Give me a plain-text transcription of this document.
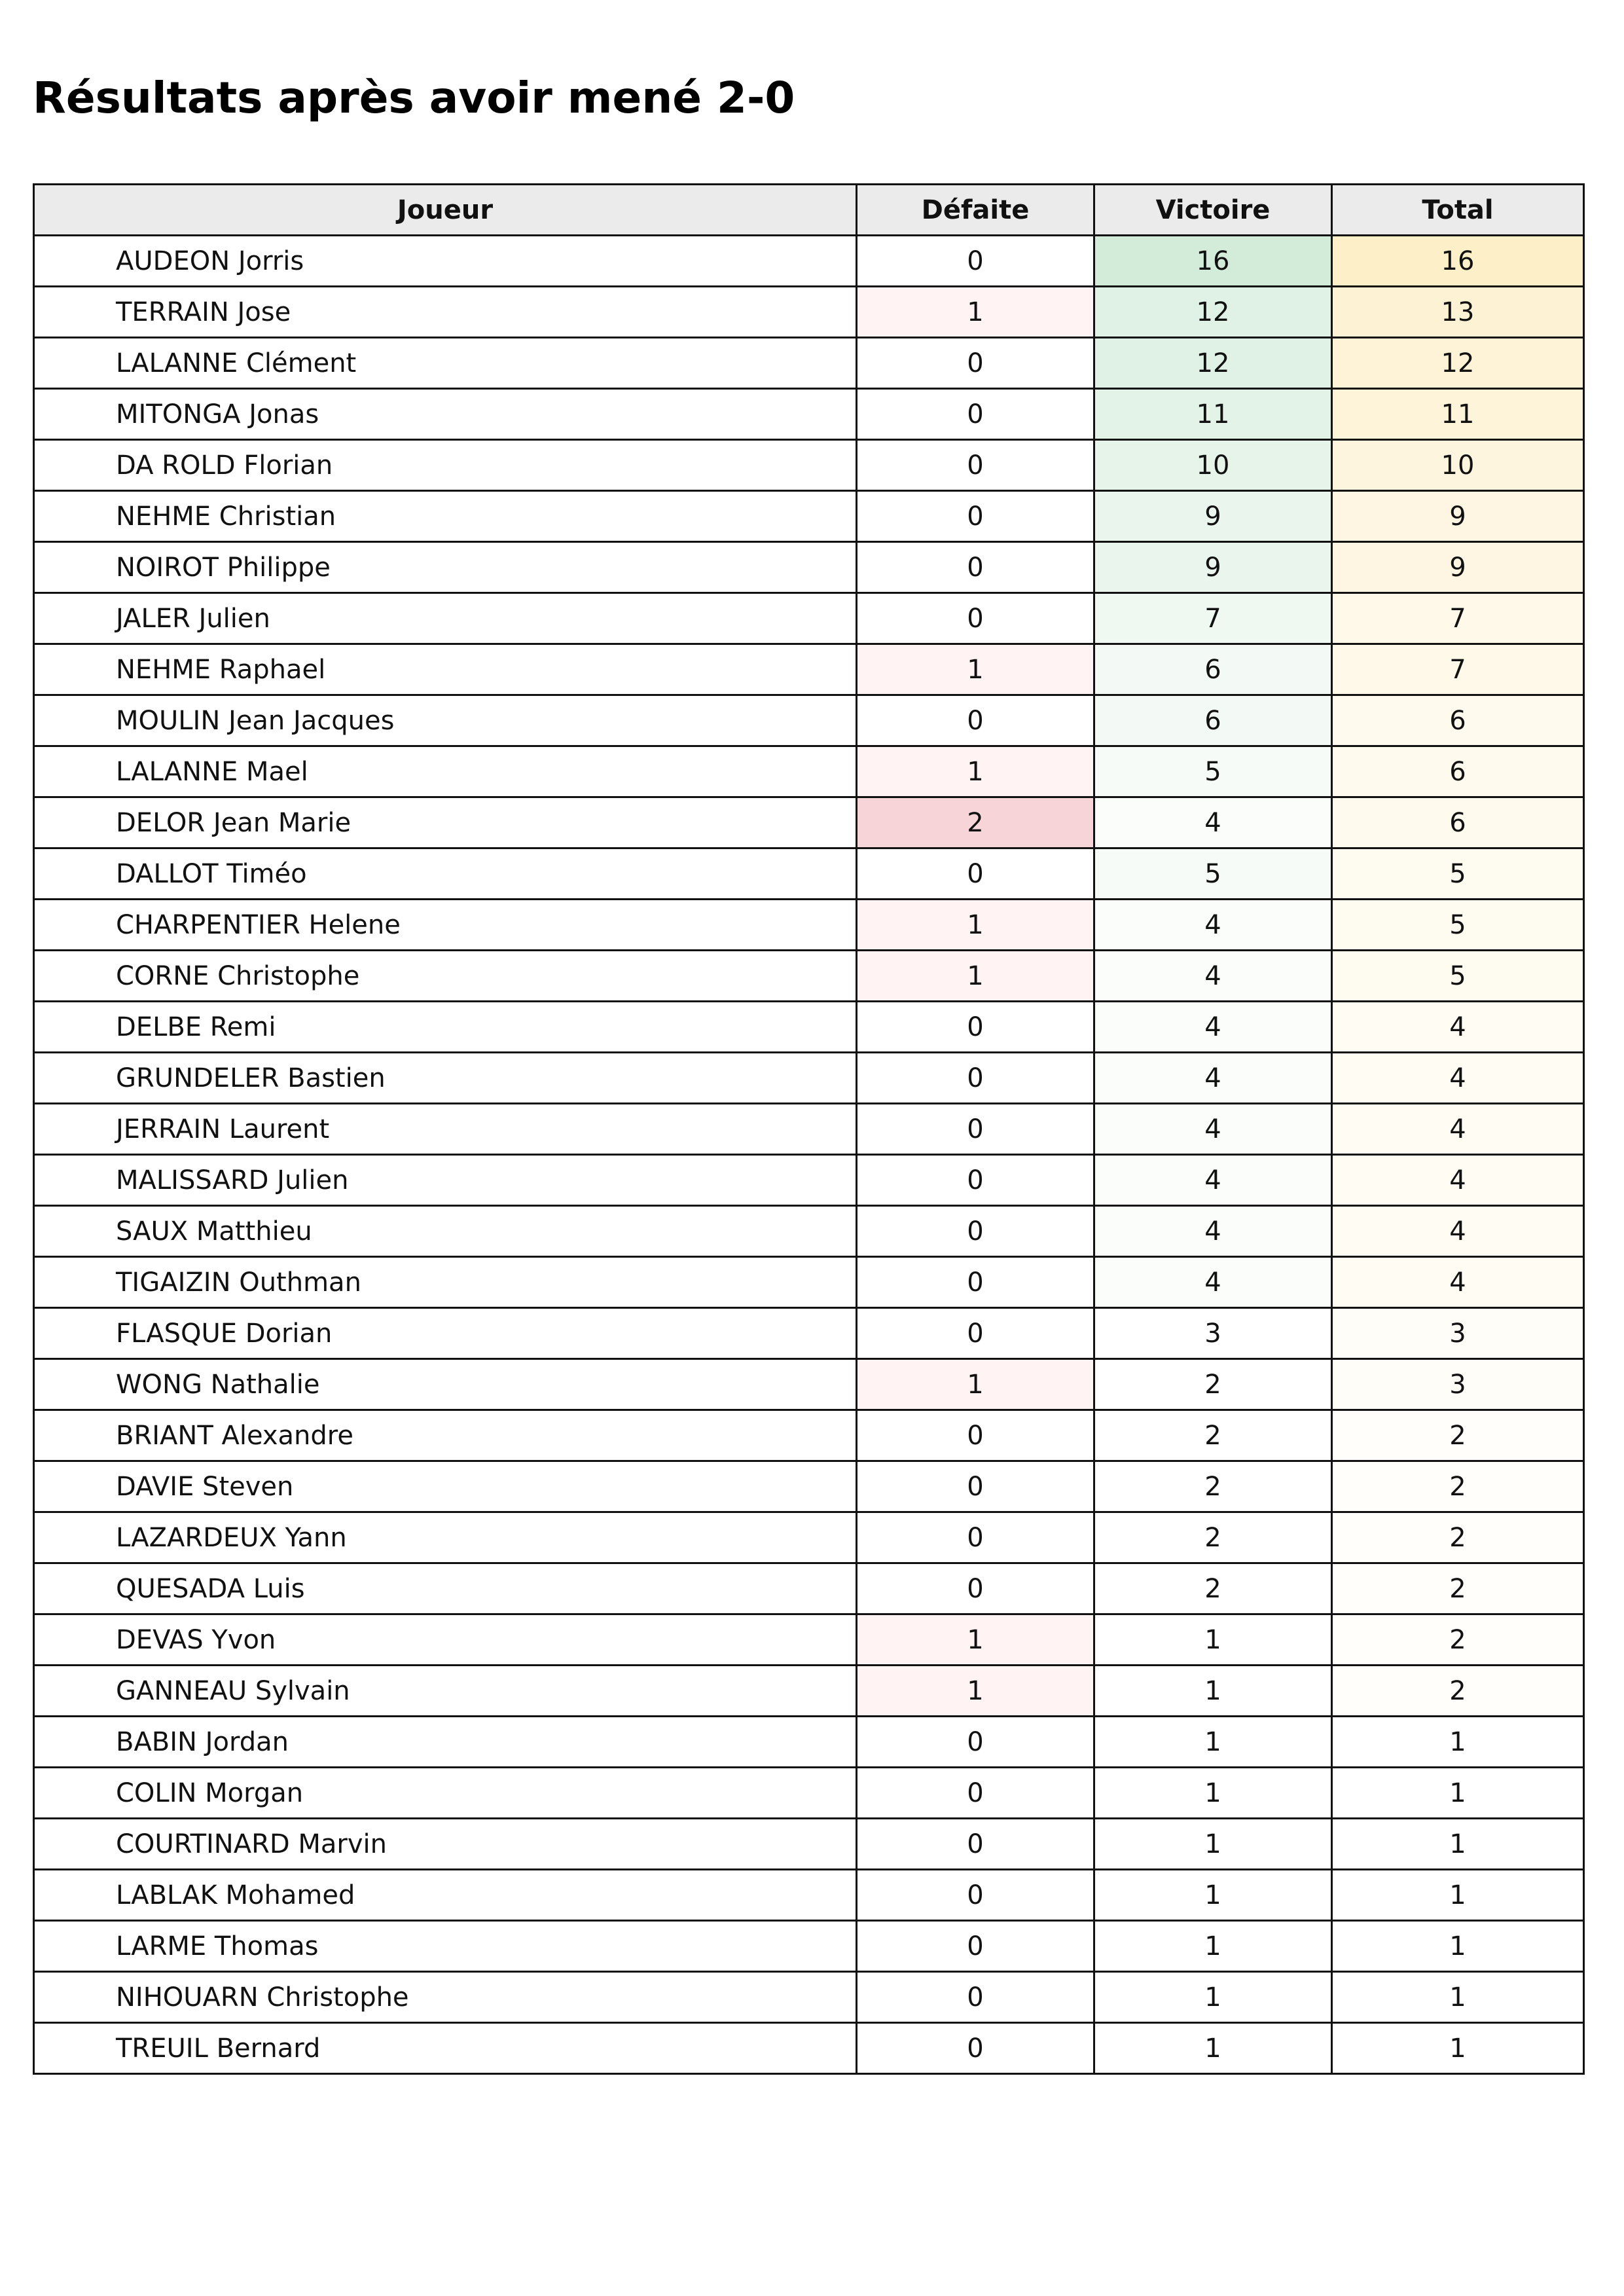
Résultats après avoir mené 2-0
Joueur	Défaite	Victoire	Total
AUDEON Jorris	0	16	16
TERRAIN Jose	1	12	13
LALANNE Clément	0	12	12
MITONGA Jonas	0	11	11
DA ROLD Florian	0	10	10
NEHME Christian	0	9	9
NOIROT Philippe	0	9	9
JALER Julien	0	7	7
NEHME Raphael	1	6	7
MOULIN Jean Jacques	0	6	6
LALANNE Mael	1	5	6
DELOR Jean Marie	2	4	6
DALLOT Timéo	0	5	5
CHARPENTIER Helene	1	4	5
CORNE Christophe	1	4	5
DELBE Remi	0	4	4
GRUNDELER Bastien	0	4	4
JERRAIN Laurent	0	4	4
MALISSARD Julien	0	4	4
SAUX Matthieu	0	4	4
TIGAIZIN Outhman	0	4	4
FLASQUE Dorian	0	3	3
WONG Nathalie	1	2	3
BRIANT Alexandre	0	2	2
DAVIE Steven	0	2	2
LAZARDEUX Yann	0	2	2
QUESADA Luis	0	2	2
DEVAS Yvon	1	1	2
GANNEAU Sylvain	1	1	2
BABIN Jordan	0	1	1
COLIN Morgan	0	1	1
COURTINARD Marvin	0	1	1
LABLAK Mohamed	0	1	1
LARME Thomas	0	1	1
NIHOUARN Christophe	0	1	1
TREUIL Bernard	0	1	1
